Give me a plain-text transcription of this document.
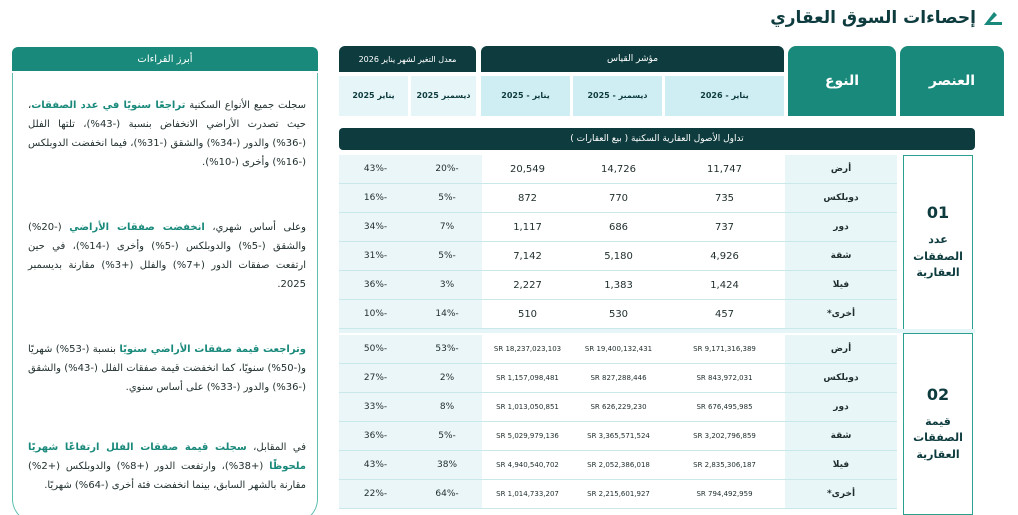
إحصاءات السوق العقاري
أبرز القراءات
سجلت جميع الأنواع السكنية تراجعًا سنويًا في عدد الصفقات، حيث تصدرت الأراضي الانخفاض بنسبة (-43%)، تلتها الفلل (-36%) والدور (-34%) والشقق (-31%)، فيما انخفضت الدوبلكس (-16%) وأخرى (-10%).
وعلى أساس شهري، انخفضت صفقات الأراضي (-20%) والشقق (-5%) والدوبلكس (-5%) وأخرى (-14%)، في حين ارتفعت صفقات الدور (+7%) والفلل (+3%) مقارنة بديسمبر 2025.
وتراجعت قيمة صفقات الأراضي سنويًا بنسبة (-53%) شهريًا و(-50%) سنويًا، كما انخفضت قيمة صفقات الفلل (-43%) والشقق (-36%) والدور (-33%) على أساس سنوي.
في المقابل، سجلت قيمة صفقات الفلل ارتفاعًا شهريًا ملحوظًا (+38%)، وارتفعت الدور (+8%) والدوبلكس (+2%) مقارنة بالشهر السابق، بينما انخفضت فئة أخرى (-64%) شهريًا.
العنصر
النوع
مؤشر القياس
معدل التغير لشهر يناير 2026
يناير - 2026
ديسمبر - 2025
يناير - 2025
ديسمبر 2025
يناير 2025
تداول الأصول العقارية السكنية ( بيع العقارات )
01
عدد الصفقات العقارية
02
قيمة الصفقات العقارية
أرض
11,747
14,726
20,549
-20%
-43%
دوبلكس
735
770
872
-5%
-16%
دور
737
686
1,117
7%
-34%
شقة
4,926
5,180
7,142
-5%
-31%
فيلا
1,424
1,383
2,227
3%
-36%
أخرى*
457
530
510
-14%
-10%
أرض
9,171,316,389 SR
19,400,132,431 SR
18,237,023,103 SR
-53%
-50%
دوبلكس
843,972,031 SR
827,288,446 SR
1,157,098,481 SR
2%
-27%
دور
676,495,985 SR
626,229,230 SR
1,013,050,851 SR
8%
-33%
شقة
3,202,796,859 SR
3,365,571,524 SR
5,029,979,136 SR
-5%
-36%
فيلا
2,835,306,187 SR
2,052,386,018 SR
4,940,540,702 SR
38%
-43%
أخرى*
794,492,959 SR
2,215,601,927 SR
1,014,733,207 SR
-64%
-22%
